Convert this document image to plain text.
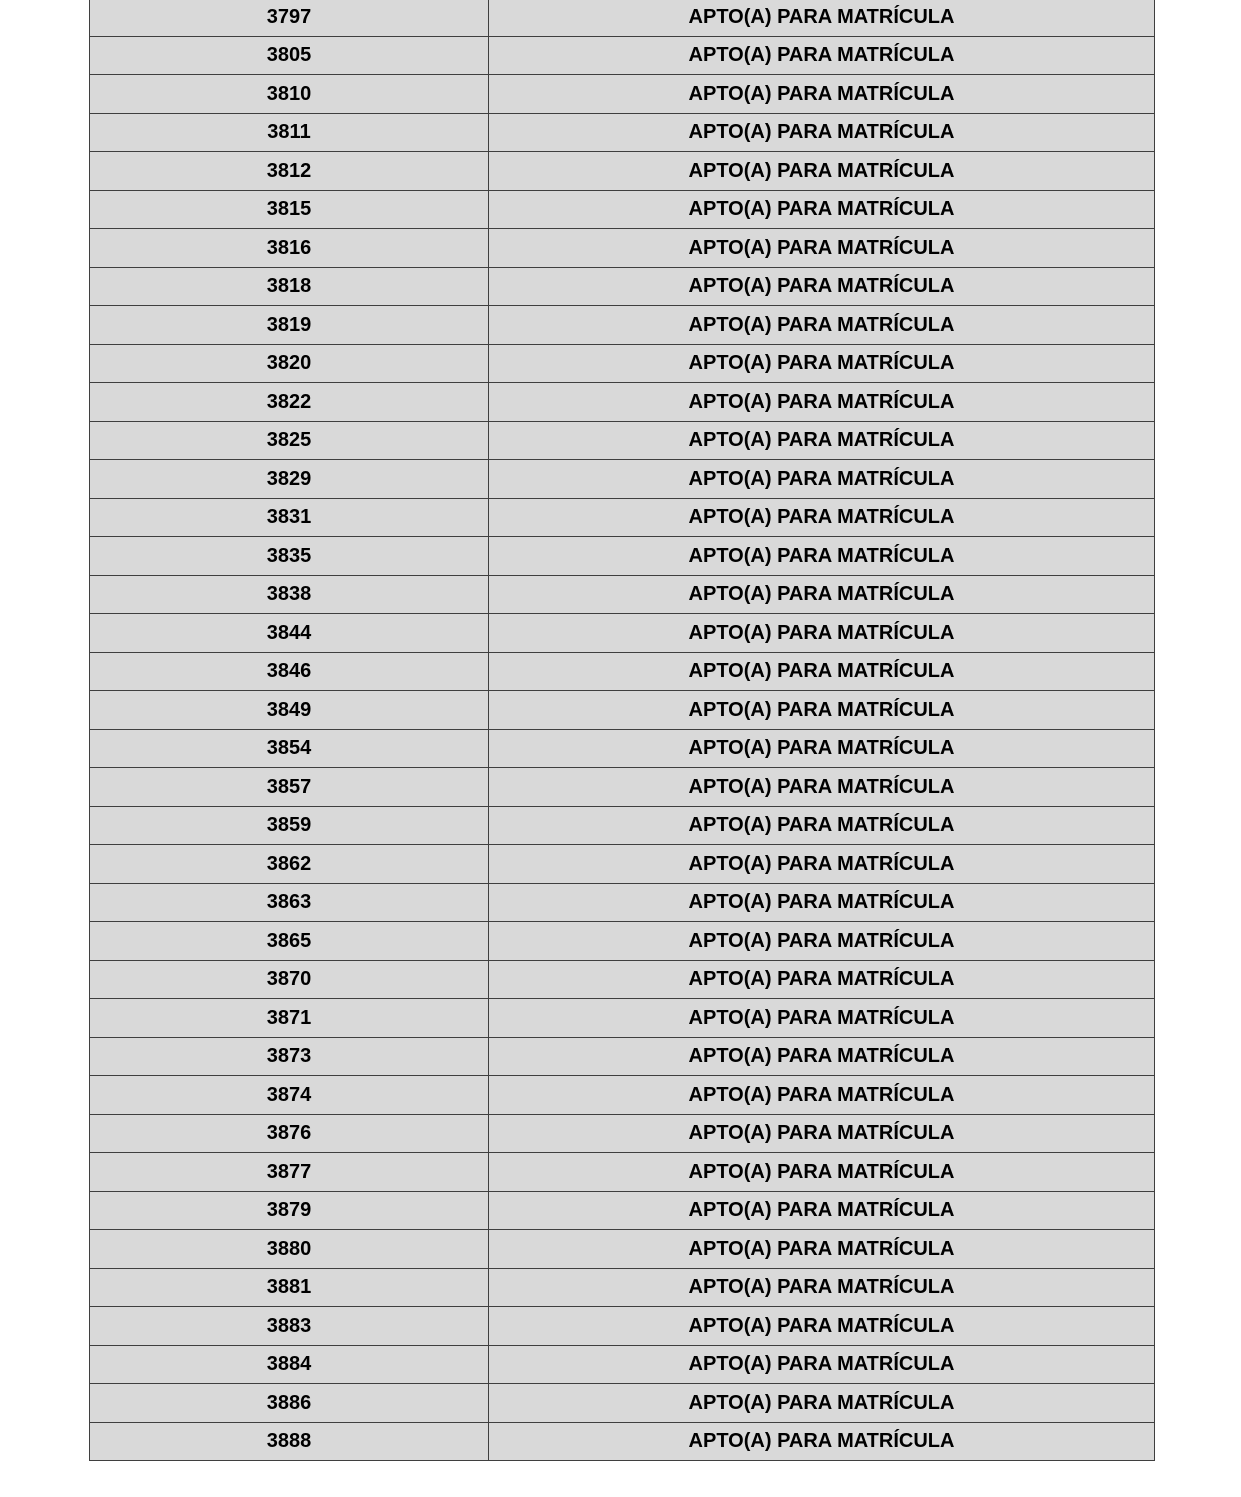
3797	APTO(A) PARA MATRÍCULA
3805	APTO(A) PARA MATRÍCULA
3810	APTO(A) PARA MATRÍCULA
3811	APTO(A) PARA MATRÍCULA
3812	APTO(A) PARA MATRÍCULA
3815	APTO(A) PARA MATRÍCULA
3816	APTO(A) PARA MATRÍCULA
3818	APTO(A) PARA MATRÍCULA
3819	APTO(A) PARA MATRÍCULA
3820	APTO(A) PARA MATRÍCULA
3822	APTO(A) PARA MATRÍCULA
3825	APTO(A) PARA MATRÍCULA
3829	APTO(A) PARA MATRÍCULA
3831	APTO(A) PARA MATRÍCULA
3835	APTO(A) PARA MATRÍCULA
3838	APTO(A) PARA MATRÍCULA
3844	APTO(A) PARA MATRÍCULA
3846	APTO(A) PARA MATRÍCULA
3849	APTO(A) PARA MATRÍCULA
3854	APTO(A) PARA MATRÍCULA
3857	APTO(A) PARA MATRÍCULA
3859	APTO(A) PARA MATRÍCULA
3862	APTO(A) PARA MATRÍCULA
3863	APTO(A) PARA MATRÍCULA
3865	APTO(A) PARA MATRÍCULA
3870	APTO(A) PARA MATRÍCULA
3871	APTO(A) PARA MATRÍCULA
3873	APTO(A) PARA MATRÍCULA
3874	APTO(A) PARA MATRÍCULA
3876	APTO(A) PARA MATRÍCULA
3877	APTO(A) PARA MATRÍCULA
3879	APTO(A) PARA MATRÍCULA
3880	APTO(A) PARA MATRÍCULA
3881	APTO(A) PARA MATRÍCULA
3883	APTO(A) PARA MATRÍCULA
3884	APTO(A) PARA MATRÍCULA
3886	APTO(A) PARA MATRÍCULA
3888	APTO(A) PARA MATRÍCULA
